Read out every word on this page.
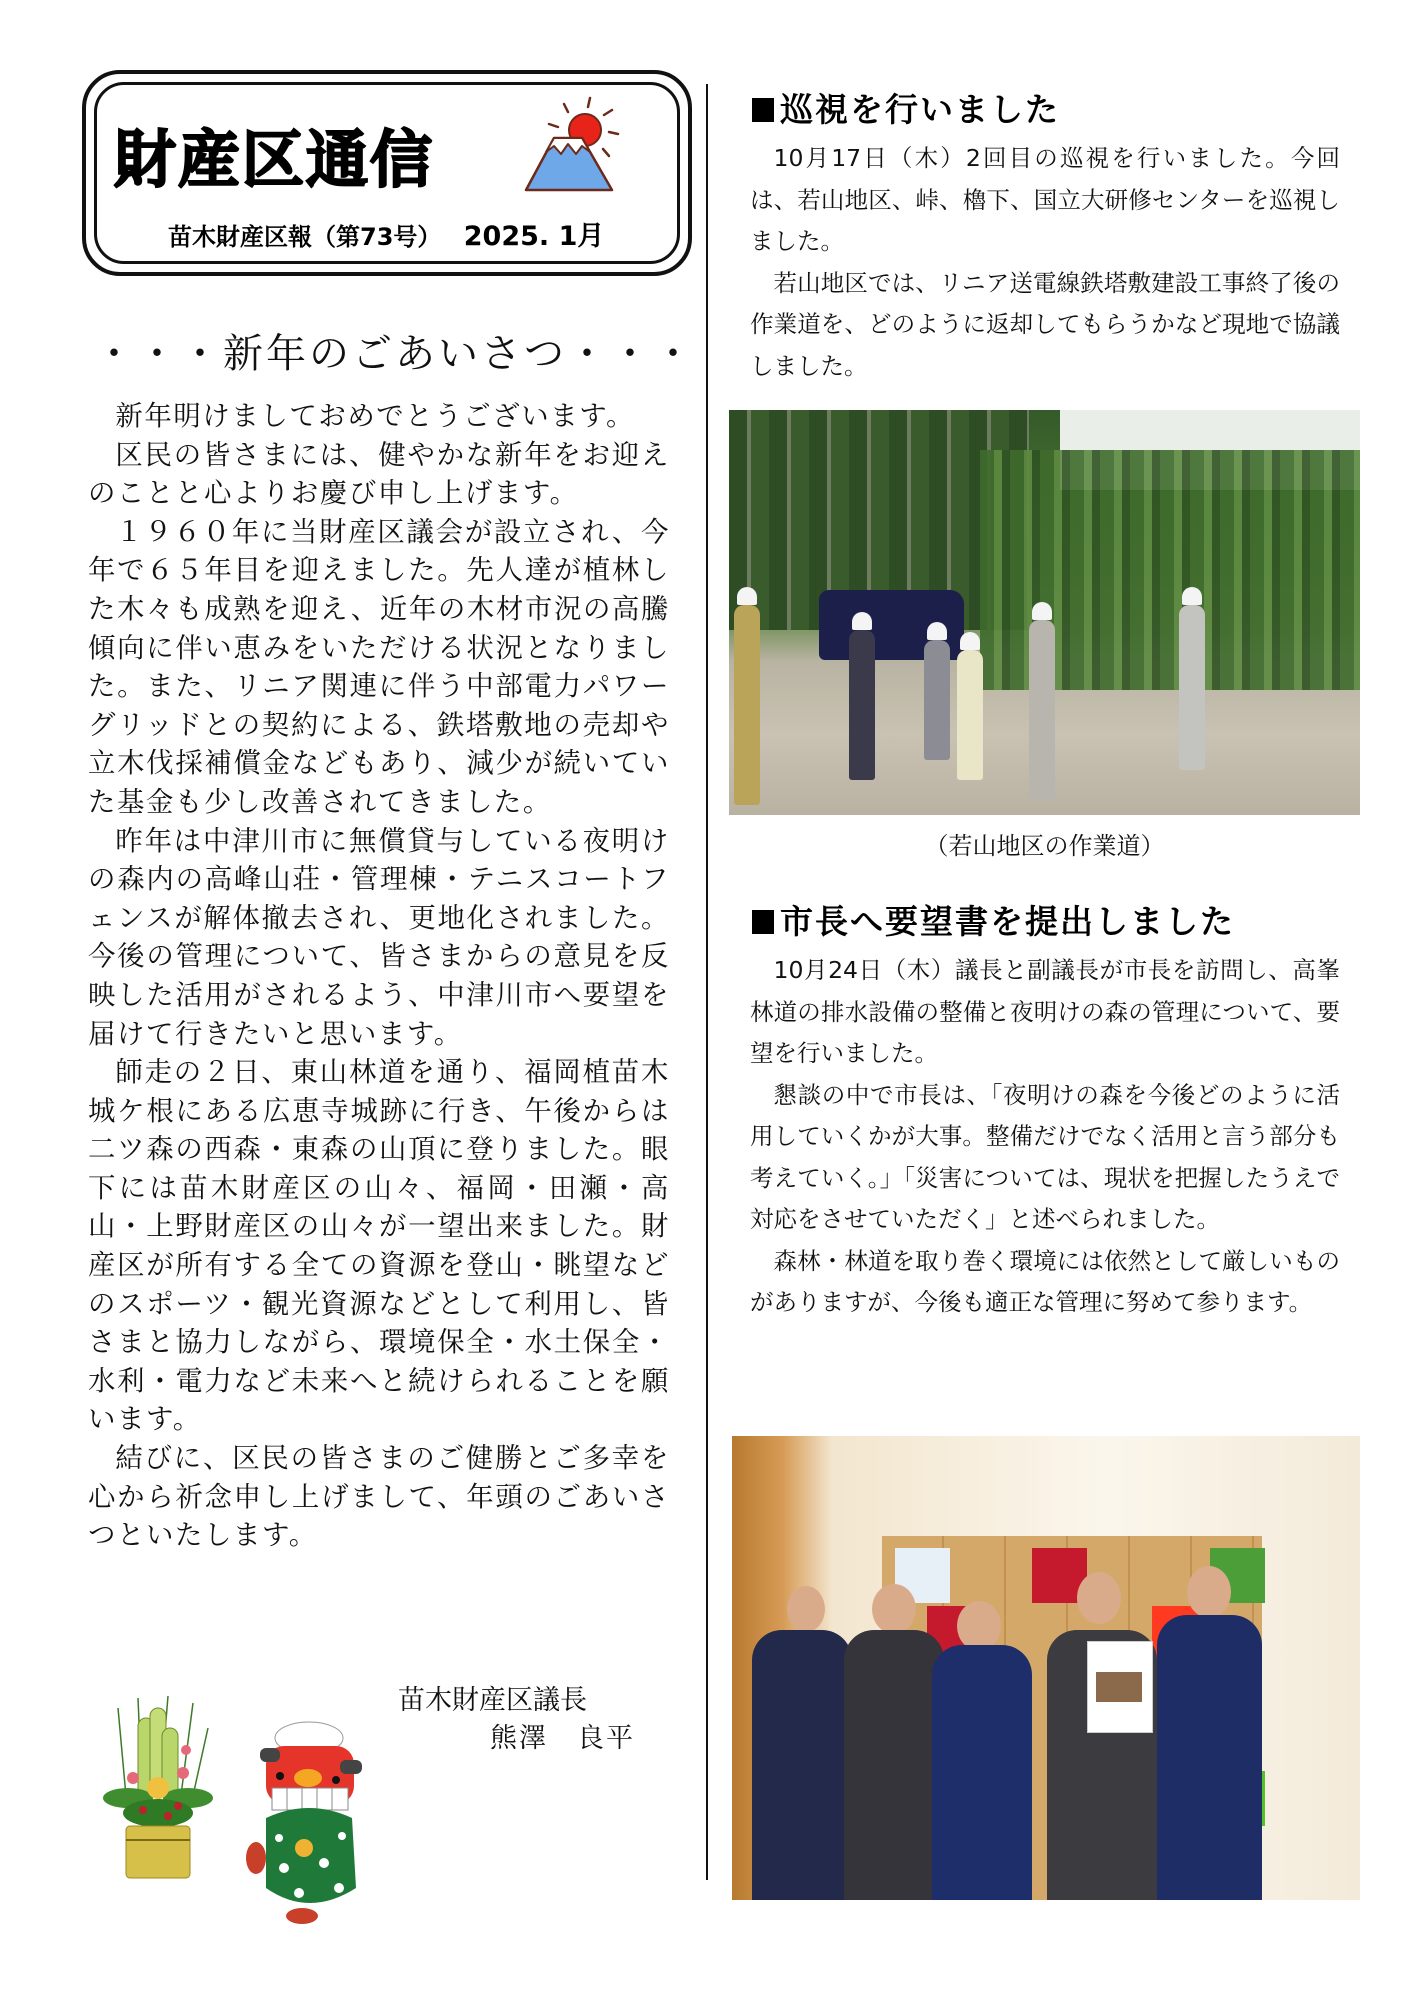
財産区通信
苗木財産区報（第73号） 2025. 1月
・・・新年のごあいさつ・・・

新年明けましておめでとうございます。

区民の皆さまには、健やかな新年をお迎えのことと心よりお慶び申し上げます。

１９６０年に当財産区議会が設立され、今年で６５年目を迎えました。先人達が植林した木々も成熟を迎え、近年の木材市況の高騰傾向に伴い恵みをいただける状況となりました。また、リニア関連に伴う中部電力パワーグリッドとの契約による、鉄塔敷地の売却や立木伐採補償金などもあり、減少が続いていた基金も少し改善されてきました。

昨年は中津川市に無償貸与している夜明けの森内の高峰山荘・管理棟・テニスコートフェンスが解体撤去され、更地化されました。今後の管理について、皆さまからの意見を反映した活用がされるよう、中津川市へ要望を届けて行きたいと思います。

師走の２日、東山林道を通り、福岡植苗木城ケ根にある広恵寺城跡に行き、午後からは二ツ森の西森・東森の山頂に登りました。眼下には苗木財産区の山々、福岡・田瀬・高山・上野財産区の山々が一望出来ました。財産区が所有する全ての資源を登山・眺望などのスポーツ・観光資源などとして利用し、皆さまと協力しながら、環境保全・水土保全・水利・電力など未来へと続けられることを願います。

結びに、区民の皆さまのご健勝とご多幸を心から祈念申し上げまして、年頭のごあいさつといたします。

苗木財産区議長
熊澤　良平
巡視を行いました

10月17日（木）2回目の巡視を行いました。今回は、若山地区、峠、櫓下、国立大研修センターを巡視しました。

若山地区では、リニア送電線鉄塔敷建設工事終了後の作業道を、どのように返却してもらうかなど現地で協議しました。

（若山地区の作業道）
市長へ要望書を提出しました

10月24日（木）議長と副議長が市長を訪問し、高峯林道の排水設備の整備と夜明けの森の管理について、要望を行いました。

懇談の中で市長は、「夜明けの森を今後どのように活用していくかが大事。整備だけでなく活用と言う部分も考えていく。」「災害については、現状を把握したうえで対応をさせていただく」と述べられました。

森林・林道を取り巻く環境には依然として厳しいものがありますが、今後も適正な管理に努めて参ります。
